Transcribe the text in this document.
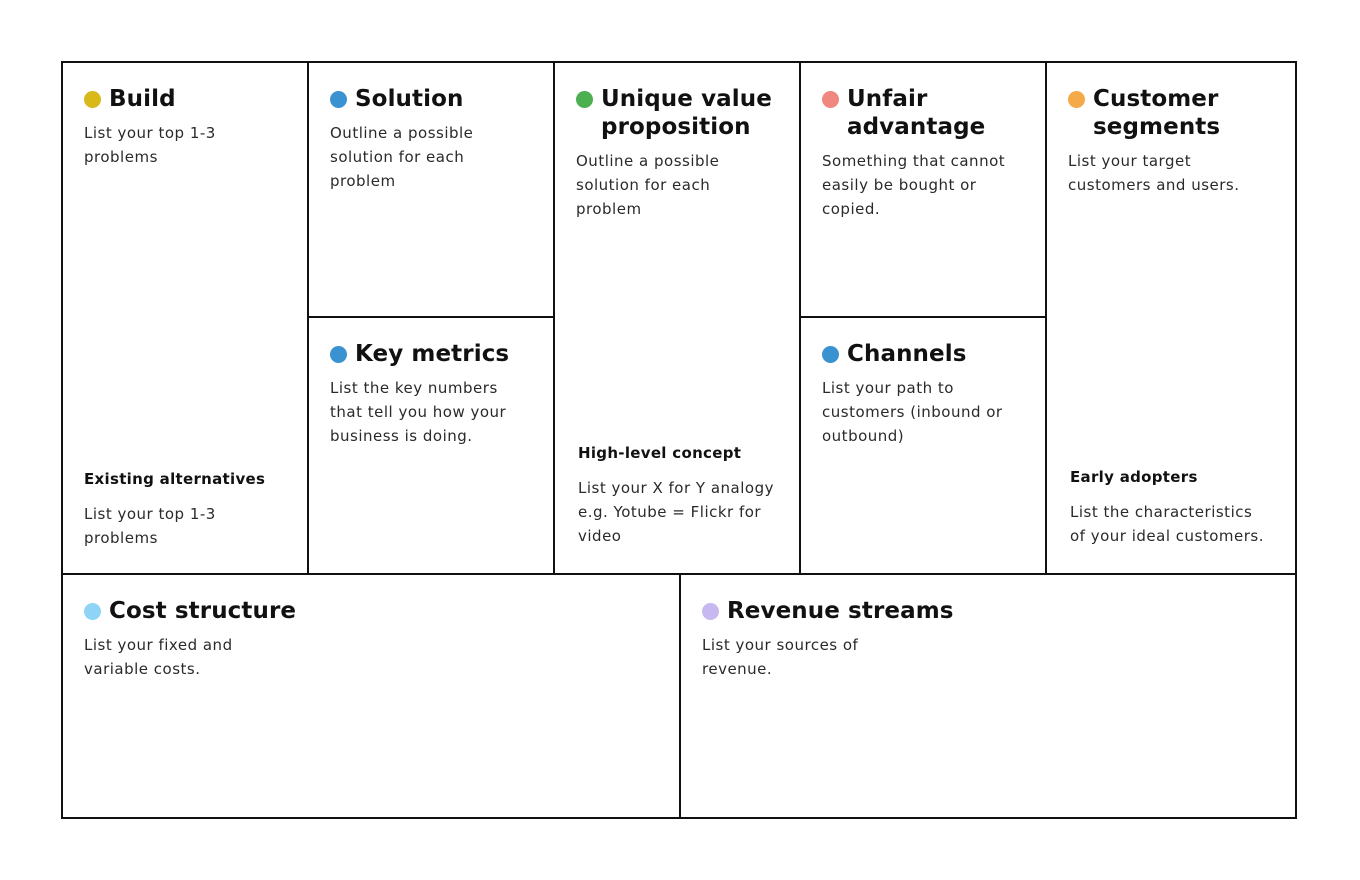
Build
List your top 1-3
problems
Existing alternatives
List your top 1-3
problems
Solution
Outline a possible
solution for each
problem
Key metrics
List the key numbers
that tell you how your
business is doing.
Unique value
proposition
Outline a possible
solution for each
problem
High-level concept
List your X for Y analogy
e.g. Yotube = Flickr for
video
Unfair
advantage
Something that cannot
easily be bought or
copied.
Channels
List your path to
customers (inbound or
outbound)
Customer
segments
List your target
customers and users.
Early adopters
List the characteristics
of your ideal customers.
Cost structure
List your fixed and
variable costs.
Revenue streams
List your sources of
revenue.
